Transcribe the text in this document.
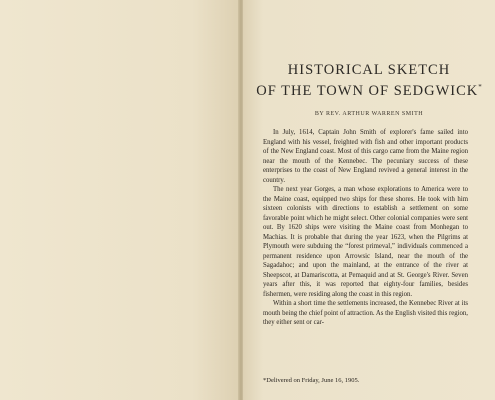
HISTORICAL SKETCH
OF THE TOWN OF SEDGWICK*

BY REV. ARTHUR WARREN SMITH

In July, 1614, Captain John Smith of explorer's fame sailed into England with his vessel, freighted with fish and other important products of the New England coast. Most of this cargo came from the Maine region near the mouth of the Kennebec. The pecuniary success of these enterprises to the coast of New England revived a general interest in the country.

The next year Gorges, a man whose explorations to America were to the Maine coast, equipped two ships for these shores. He took with him sixteen colonists with directions to establish a settlement on some favorable point which he might select. Other colonial companies were sent out. By 1620 ships were visiting the Maine coast from Monhegan to Machias. It is probable that during the year 1623, when the Pilgrims at Plymouth were subduing the “forest primeval,” individuals commenced a permanent residence upon Arrowsic Island, near the mouth of the Sagadahoc; and upon the mainland, at the entrance of the river at Sheepscot, at Damariscotta, at Pemaquid and at St. George's River. Seven years after this, it was reported that eighty-four families, besides fishermen, were residing along the coast in this region.

Within a short time the settlements increased, the Kennebec River at its mouth being the chief point of attraction. As the English visited this region, they either sent or car-

*Delivered on Friday, June 16, 1905.
